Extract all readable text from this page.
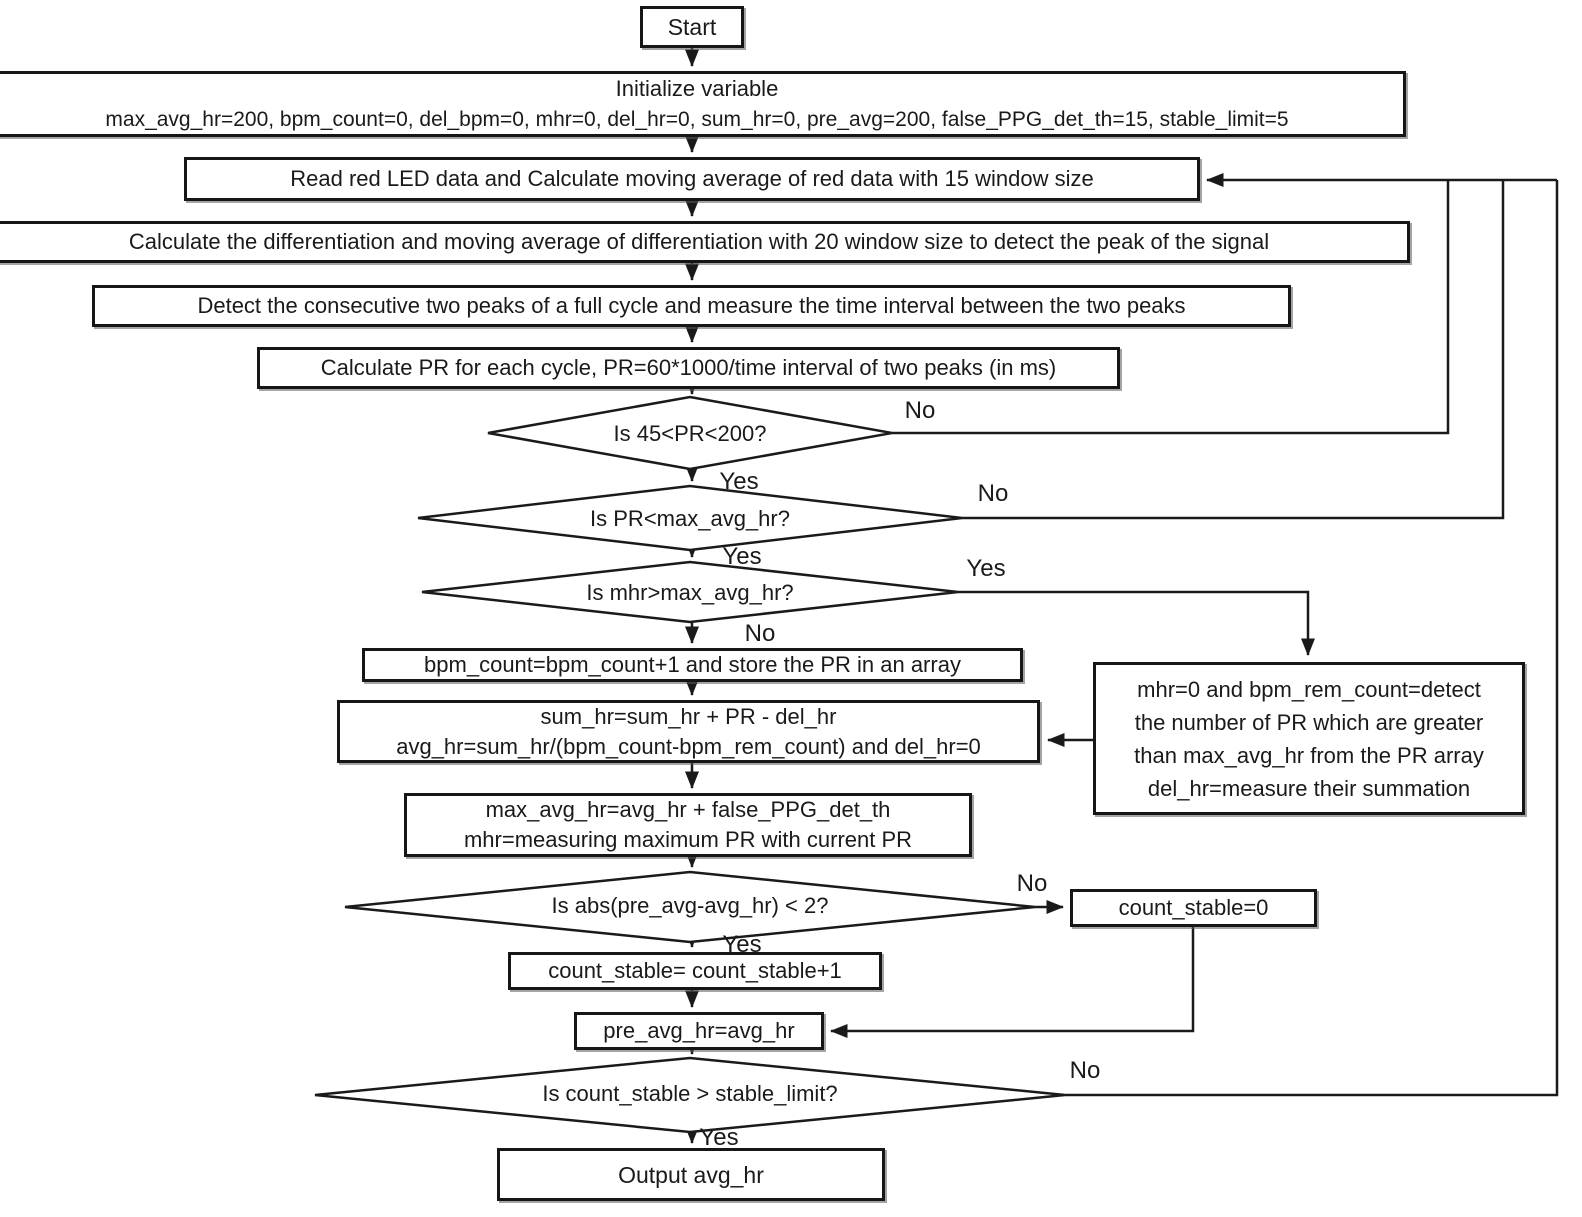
Start
Initialize variable
max_avg_hr=200, bpm_count=0, del_bpm=0, mhr=0, del_hr=0, sum_hr=0, pre_avg=200, false_PPG_det_th=15, stable_limit=5
Read red LED data and Calculate moving average of red data with 15 window size
Calculate the differentiation and moving average of differentiation with 20 window size to detect the peak of the signal
Detect the consecutive two peaks of a full cycle and measure the time interval between the two peaks
Calculate PR for each cycle, PR=60*1000/time interval of two peaks (in ms)
bpm_count=bpm_count+1 and store the PR in an array
sum_hr=sum_hr + PR - del_hr
avg_hr=sum_hr/(bpm_count-bpm_rem_count) and del_hr=0
max_avg_hr=avg_hr + false_PPG_det_th
mhr=measuring maximum PR with current PR
mhr=0 and bpm_rem_count=detect
the number of PR which are greater
than max_avg_hr from the PR array
del_hr=measure their summation
count_stable=0
count_stable= count_stable+1
pre_avg_hr=avg_hr
Output avg_hr
Is 45<PR<200?
Is PR<max_avg_hr?
Is mhr>max_avg_hr?
Is abs(pre_avg-avg_hr) < 2?
Is count_stable > stable_limit?
No
Yes	No
Yes	Yes
No
No
Yes
No
Yes
